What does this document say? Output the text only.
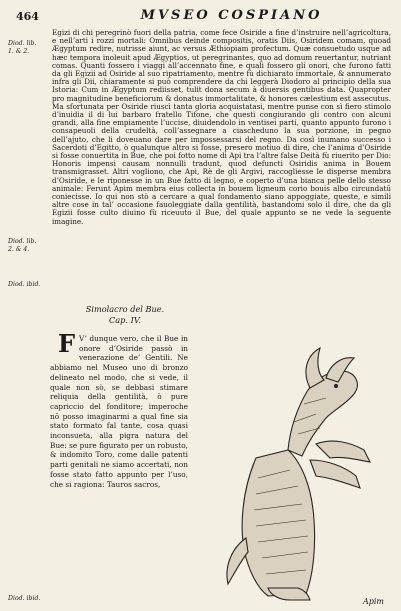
464	MVSEO COSPIANO
Diod. lib. 1. & 2.
Diod. lib. 2. & 4.
Diod. ibid.
Diod. ibid.

Egizi di chi peregrinò fuori della patria, come fece Osiride a fine d’instruire nell’agricoltura, e nell’arti i rozzi mortali: Omnibus deinde compositis, oratis Diis, Osiridem comam, quoad Ægyptum redire, nutrisse aiunt, ac versus Æthiopiam profectum. Quæ consuetudo usque ad hæc tempora inoleuit apud Ægyptios, ut peregrinantes, quo ad domum reuertantur, nutriant comas. Quanti fossero i viaggi all’accennato fine, e quali fossero gli onori, che furono fatti da gli Egizii ad Osiride al suo ripatriamento, mentre fù dichiarato immortale, & annumerato infra gli Dii, chiaramente si può comprendere da chi leggerà Diodoro al principio della sua Istoria: Cum in Ægyptum rediisset, tulit dona secum à diuersis gentibus data. Quapropter pro magnitudine beneficiorum & donatus immortalitate, & honores cælestium est assecutus. Ma sfortunata per Osiride riuscì tanta gloria acquistatasi, mentre punse con sì fiero stimolo d’inuidia il di lui barbaro fratello Tifone, che questi congiurando gli contro con alcuni grandi, alla fine empiamente l’uccise, diuidendolo in ventisei parti, quanto appunto furono i consapeuoli della crudeltà, coll’assegnare a ciascheduno la sua porzione, in pegno dell’ajuto, che li doveuano dare per impossessarsi del regno. Da così inumano successo i Sacerdoti d’Egitto, ò qualunque altro si fosse, presero motiuo di dire, che l’anima d’Osiride si fosse conuertita in Bue, che poi fotto nome di Api tra l’altre false Deità fù riuerito per Dio: Honoris impensi causam nonnulli tradunt, quod defuncti Osiridis anima in Bouem transmigrasset. Altri vogliono, che Api, Rè de gli Argivi, raccogliesse le disperse membra d’Osiride, e le riponesse in un Bue fatto di legno, e coperto d’una bianca pelle dello stesso animale: Ferunt Apim membra eius collecta in bouem ligneum corio bouis albo circundatū coniecisse. Io qui non stò a cercare a qual fondamento siano appoggiate, queste, e simili altre cose in tal’ occasione fauoleggiate dalla gentilità, bastandomi solo il dire, che da gli Egizii fosse culto diuino fù riceuuto il Bue, del quale appunto se ne vede la seguente imagine.

Simolacro del Bue.
Cap. IV.
F V’ dunque vero, che il Bue in onore d’Osiride passò in venerazione de’ Gentili. Ne abbiamo nel Museo uno di bronzo delineato nel modo, che si vede, il quale non sò, se debbasi stimare reliquia della gentilità, ò pure capriccio del fonditore; imperoche nō posso imaginarmi a qual fine sia stato formato fal tante, cosa quasi inconsueta, alla pigra natura del Bue: se pure figurato per un robusto, & indomito Toro, come dalle patenti parti genitali ne siamo accertati, non fosse stato fatto appunto per l’uso, che si ragiona: Tauros sacros,
Apim
